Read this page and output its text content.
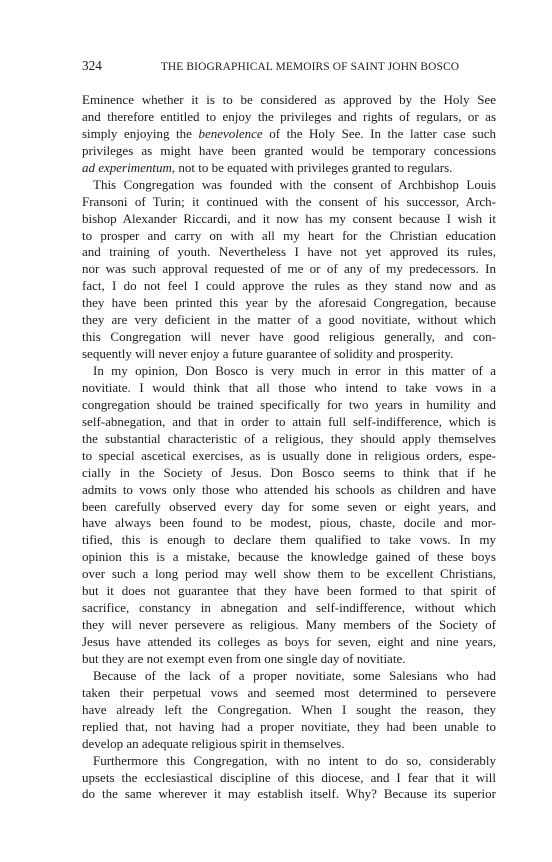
324	THE BIOGRAPHICAL MEMOIRS OF SAINT JOHN BOSCO
Eminence whether it is to be considered as approved by the Holy See
and therefore entitled to enjoy the privileges and rights of regulars, or as
simply enjoying the benevolence of the Holy See. In the latter case such
privileges as might have been granted would be temporary concessions
ad experimentum, not to be equated with privileges granted to regulars.
This Congregation was founded with the consent of Archbishop Louis
Fransoni of Turin; it continued with the consent of his successor, Arch-
bishop Alexander Riccardi, and it now has my consent because I wish it
to prosper and carry on with all my heart for the Christian education
and training of youth. Nevertheless I have not yet approved its rules,
nor was such approval requested of me or of any of my predecessors. In
fact, I do not feel I could approve the rules as they stand now and as
they have been printed this year by the aforesaid Congregation, because
they are very deficient in the matter of a good novitiate, without which
this Congregation will never have good religious generally, and con-
sequently will never enjoy a future guarantee of solidity and prosperity.
In my opinion, Don Bosco is very much in error in this matter of a
novitiate. I would think that all those who intend to take vows in a
congregation should be trained specifically for two years in humility and
self-abnegation, and that in order to attain full self-indifference, which is
the substantial characteristic of a religious, they should apply themselves
to special ascetical exercises, as is usually done in religious orders, espe-
cially in the Society of Jesus. Don Bosco seems to think that if he
admits to vows only those who attended his schools as children and have
been carefully observed every day for some seven or eight years, and
have always been found to be modest, pious, chaste, docile and mor-
tified, this is enough to declare them qualified to take vows. In my
opinion this is a mistake, because the knowledge gained of these boys
over such a long period may well show them to be excellent Christians,
but it does not guarantee that they have been formed to that spirit of
sacrifice, constancy in abnegation and self-indifference, without which
they will never persevere as religious. Many members of the Society of
Jesus have attended its colleges as boys for seven, eight and nine years,
but they are not exempt even from one single day of novitiate.
Because of the lack of a proper novitiate, some Salesians who had
taken their perpetual vows and seemed most determined to persevere
have already left the Congregation. When I sought the reason, they
replied that, not having had a proper novitiate, they had been unable to
develop an adequate religious spirit in themselves.
Furthermore this Congregation, with no intent to do so, considerably
upsets the ecclesiastical discipline of this diocese, and I fear that it will
do the same wherever it may establish itself. Why? Because its superior
